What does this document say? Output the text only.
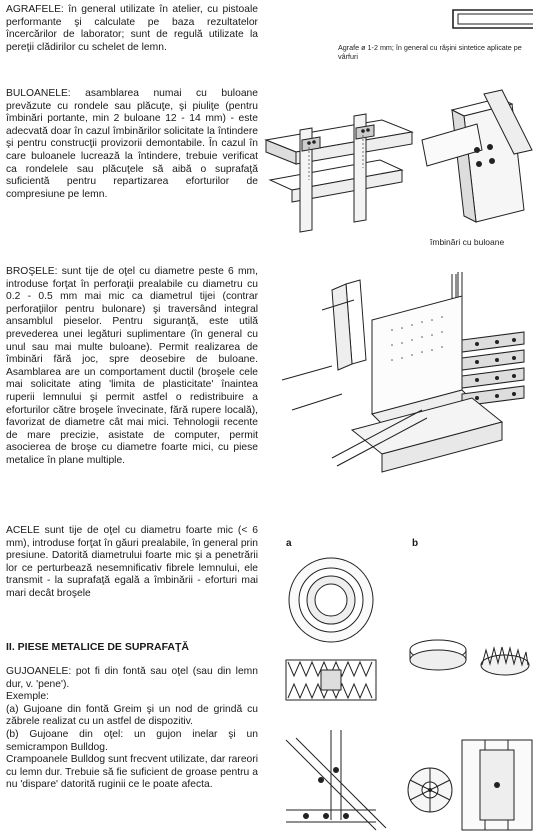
AGRAFELE: în general utilizate în atelier, cu pistoale performante şi calculate pe baza rezultatelor încercărilor de laborator; sunt de regulă utilizate la pereţii clădirilor cu schelet de lemn.

BULOANELE: asamblarea numai cu buloane prevăzute cu rondele sau plăcuţe, şi piuliţe (pentru îmbinări portante, min 2 buloane 12 - 14 mm) - este adecvată doar în cazul îmbinărilor solicitate la întindere şi pentru construcţii provizorii demontabile. În cazul în care buloanele lucrează la întindere, trebuie verificat ca rondelele sau plăcuţele să aibă o suprafaţă suficientă pentru repartizarea eforturilor de compresiune pe lemn.

BROŞELE: sunt tije de oţel cu diametre peste 6 mm, introduse forţat în perforaţii prealabile cu diametru cu 0.2 - 0.5 mm mai mic ca diametrul tijei (contrar perforaţiilor pentru bulonare) şi traversând integral ansamblul pieselor. Pentru siguranţă, este utilă prevederea unei legături suplimentare (în general cu unul sau mai multe buloane). Permit realizarea de îmbinări fără joc, spre deosebire de buloane. Asamblarea are un comportament ductil (broşele cele mai solicitate ating 'limita de plasticitate' înaintea ruperii lemnului şi permit astfel o redistribuire a eforturilor către broşele învecinate, fără rupere locală), favorizat de diametre cât mai mici. Tehnologii recente de mare precizie, asistate de computer, permit asocierea de broşe cu diametre foarte mici, cu piese metalice în plane multiple.

ACELE sunt tije de oţel cu diametru foarte mic (< 6 mm), introduse forţat în găuri prealabile, în general prin presiune. Datorită diametrului foarte mic şi a penetrării lor ce perturbează nesemnificativ fibrele lemnului, ele transmit - la suprafaţă egală a îmbinării - eforturi mai mari decât broşele

II. PIESE METALICE DE SUPRAFAŢĂ

GUJOANELE: pot fi din fontă sau oţel (sau din lemn dur, v. 'pene').

Exemple:

(a) Gujoane din fontă Greim şi un nod de grindă cu zăbrele realizat cu un astfel de dispozitiv.

(b) Gujoane din oţel: un gujon inelar şi un semicrampon Bulldog.

Crampoanele Bulldog sunt frecvent utilizate, dar rareori cu lemn dur. Trebuie să fie suficient de groase pentru a nu 'dispare' datorită ruginii ce le poate afecta.

Agrafe ø 1-2 mm; în general cu răşini sintetice aplicate pe vârfuri
îmbinări cu buloane
a	b
